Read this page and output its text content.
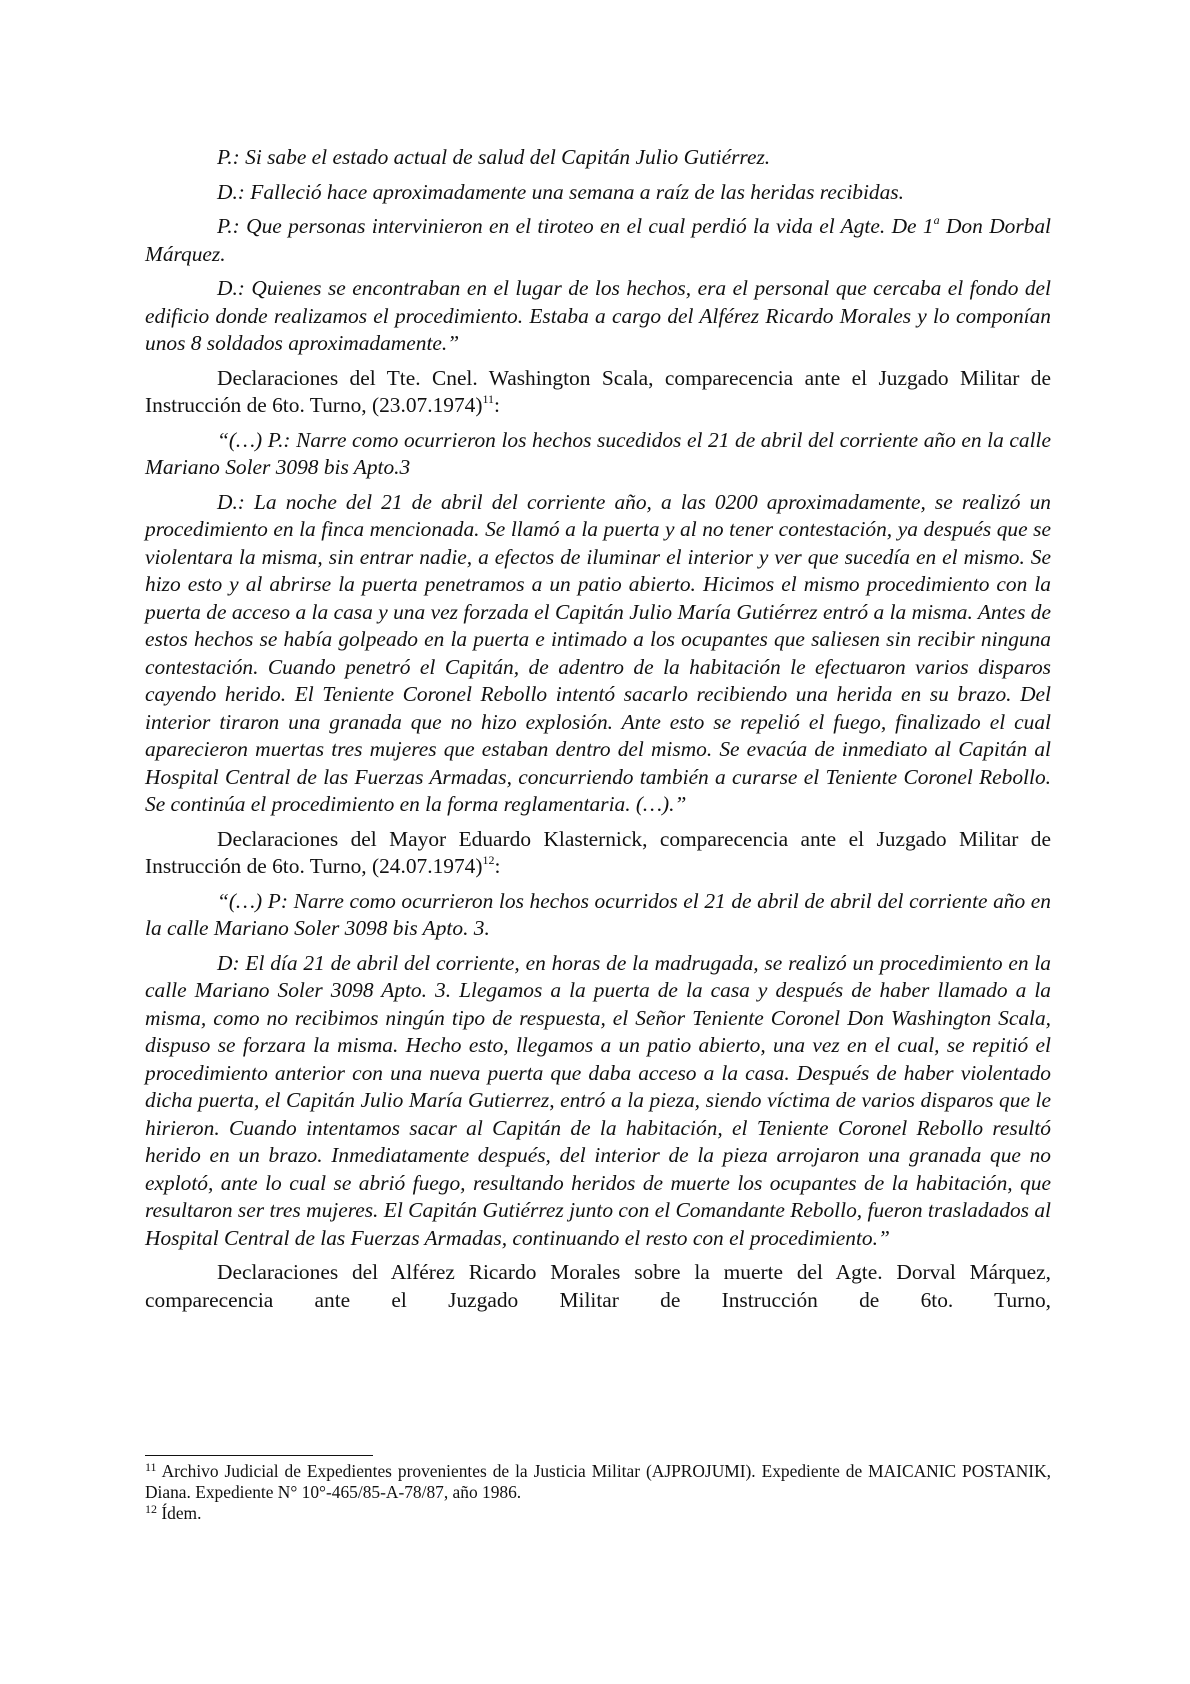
P.: Si sabe el estado actual de salud del Capitán Julio Gutiérrez.

D.: Falleció hace aproximadamente una semana a raíz de las heridas recibidas.

P.: Que personas intervinieron en el tiroteo en el cual perdió la vida el Agte. De 1$^a$ Don Dorbal Márquez.

D.: Quienes se encontraban en el lugar de los hechos, era el personal que cercaba el fondo del edificio donde realizamos el procedimiento. Estaba a cargo del Alférez Ricardo Morales y lo componían unos 8 soldados aproximadamente.”

Declaraciones del Tte. Cnel. Washington Scala, comparecencia ante el Juzgado Militar de Instrucción de 6to. Turno, $(23.07.1974)^{11}$:

“(…) P.: Narre como ocurrieron los hechos sucedidos el 21 de abril del corriente año en la calle Mariano Soler 3098 bis Apto.3

D.: La noche del 21 de abril del corriente año, a las 0200 aproximadamente, se realizó un procedimiento en la finca mencionada. Se llamó a la puerta y al no tener contestación, ya después que se violentara la misma, sin entrar nadie, a efectos de iluminar el interior y ver que sucedía en el mismo. Se hizo esto y al abrirse la puerta penetramos a un patio abierto. Hicimos el mismo procedimiento con la puerta de acceso a la casa y una vez forzada el Capitán Julio María Gutiérrez entró a la misma. Antes de estos hechos se había golpeado en la puerta e intimado a los ocupantes que saliesen sin recibir ninguna contestación. Cuando penetró el Capitán, de adentro de la habitación le efectuaron varios disparos cayendo herido. El Teniente Coronel Rebollo intentó sacarlo recibiendo una herida en su brazo. Del interior tiraron una granada que no hizo explosión. Ante esto se repelió el fuego, finalizado el cual aparecieron muertas tres mujeres que estaban dentro del mismo. Se evacúa de inmediato al Capitán al Hospital Central de las Fuerzas Armadas, concurriendo también a curarse el Teniente Coronel Rebollo. Se continúa el procedimiento en la forma reglamentaria. (…).”

Declaraciones del Mayor Eduardo Klasternick, comparecencia ante el Juzgado Militar de Instrucción de 6to. Turno, $(24.07.1974)^{12}$:

“(…) P: Narre como ocurrieron los hechos ocurridos el 21 de abril de abril del corriente año en la calle Mariano Soler 3098 bis Apto. 3.

D: El día 21 de abril del corriente, en horas de la madrugada, se realizó un procedimiento en la calle Mariano Soler 3098 Apto. 3. Llegamos a la puerta de la casa y después de haber llamado a la misma, como no recibimos ningún tipo de respuesta, el Señor Teniente Coronel Don Washington Scala, dispuso se forzara la misma. Hecho esto, llegamos a un patio abierto, una vez en el cual, se repitió el procedimiento anterior con una nueva puerta que daba acceso a la casa. Después de haber violentado dicha puerta, el Capitán Julio María Gutierrez, entró a la pieza, siendo víctima de varios disparos que le hirieron. Cuando intentamos sacar al Capitán de la habitación, el Teniente Coronel Rebollo resultó herido en un brazo. Inmediatamente después, del interior de la pieza arrojaron una granada que no explotó, ante lo cual se abrió fuego, resultando heridos de muerte los ocupantes de la habitación, que resultaron ser tres mujeres. El Capitán Gutiérrez junto con el Comandante Rebollo, fueron trasladados al Hospital Central de las Fuerzas Armadas, continuando el resto con el procedimiento.”

Declaraciones del Alférez Ricardo Morales sobre la muerte del Agte. Dorval Márquez, comparecencia ante el Juzgado Militar de Instrucción de 6to. Turno,

$^{11}$ Archivo Judicial de Expedientes provenientes de la Justicia Militar (AJPROJUMI). Expediente de MAICANIC POSTANIK, Diana. Expediente N° 10°-465/85-A-78/87, año 1986.

$^{12}$ Ídem.
